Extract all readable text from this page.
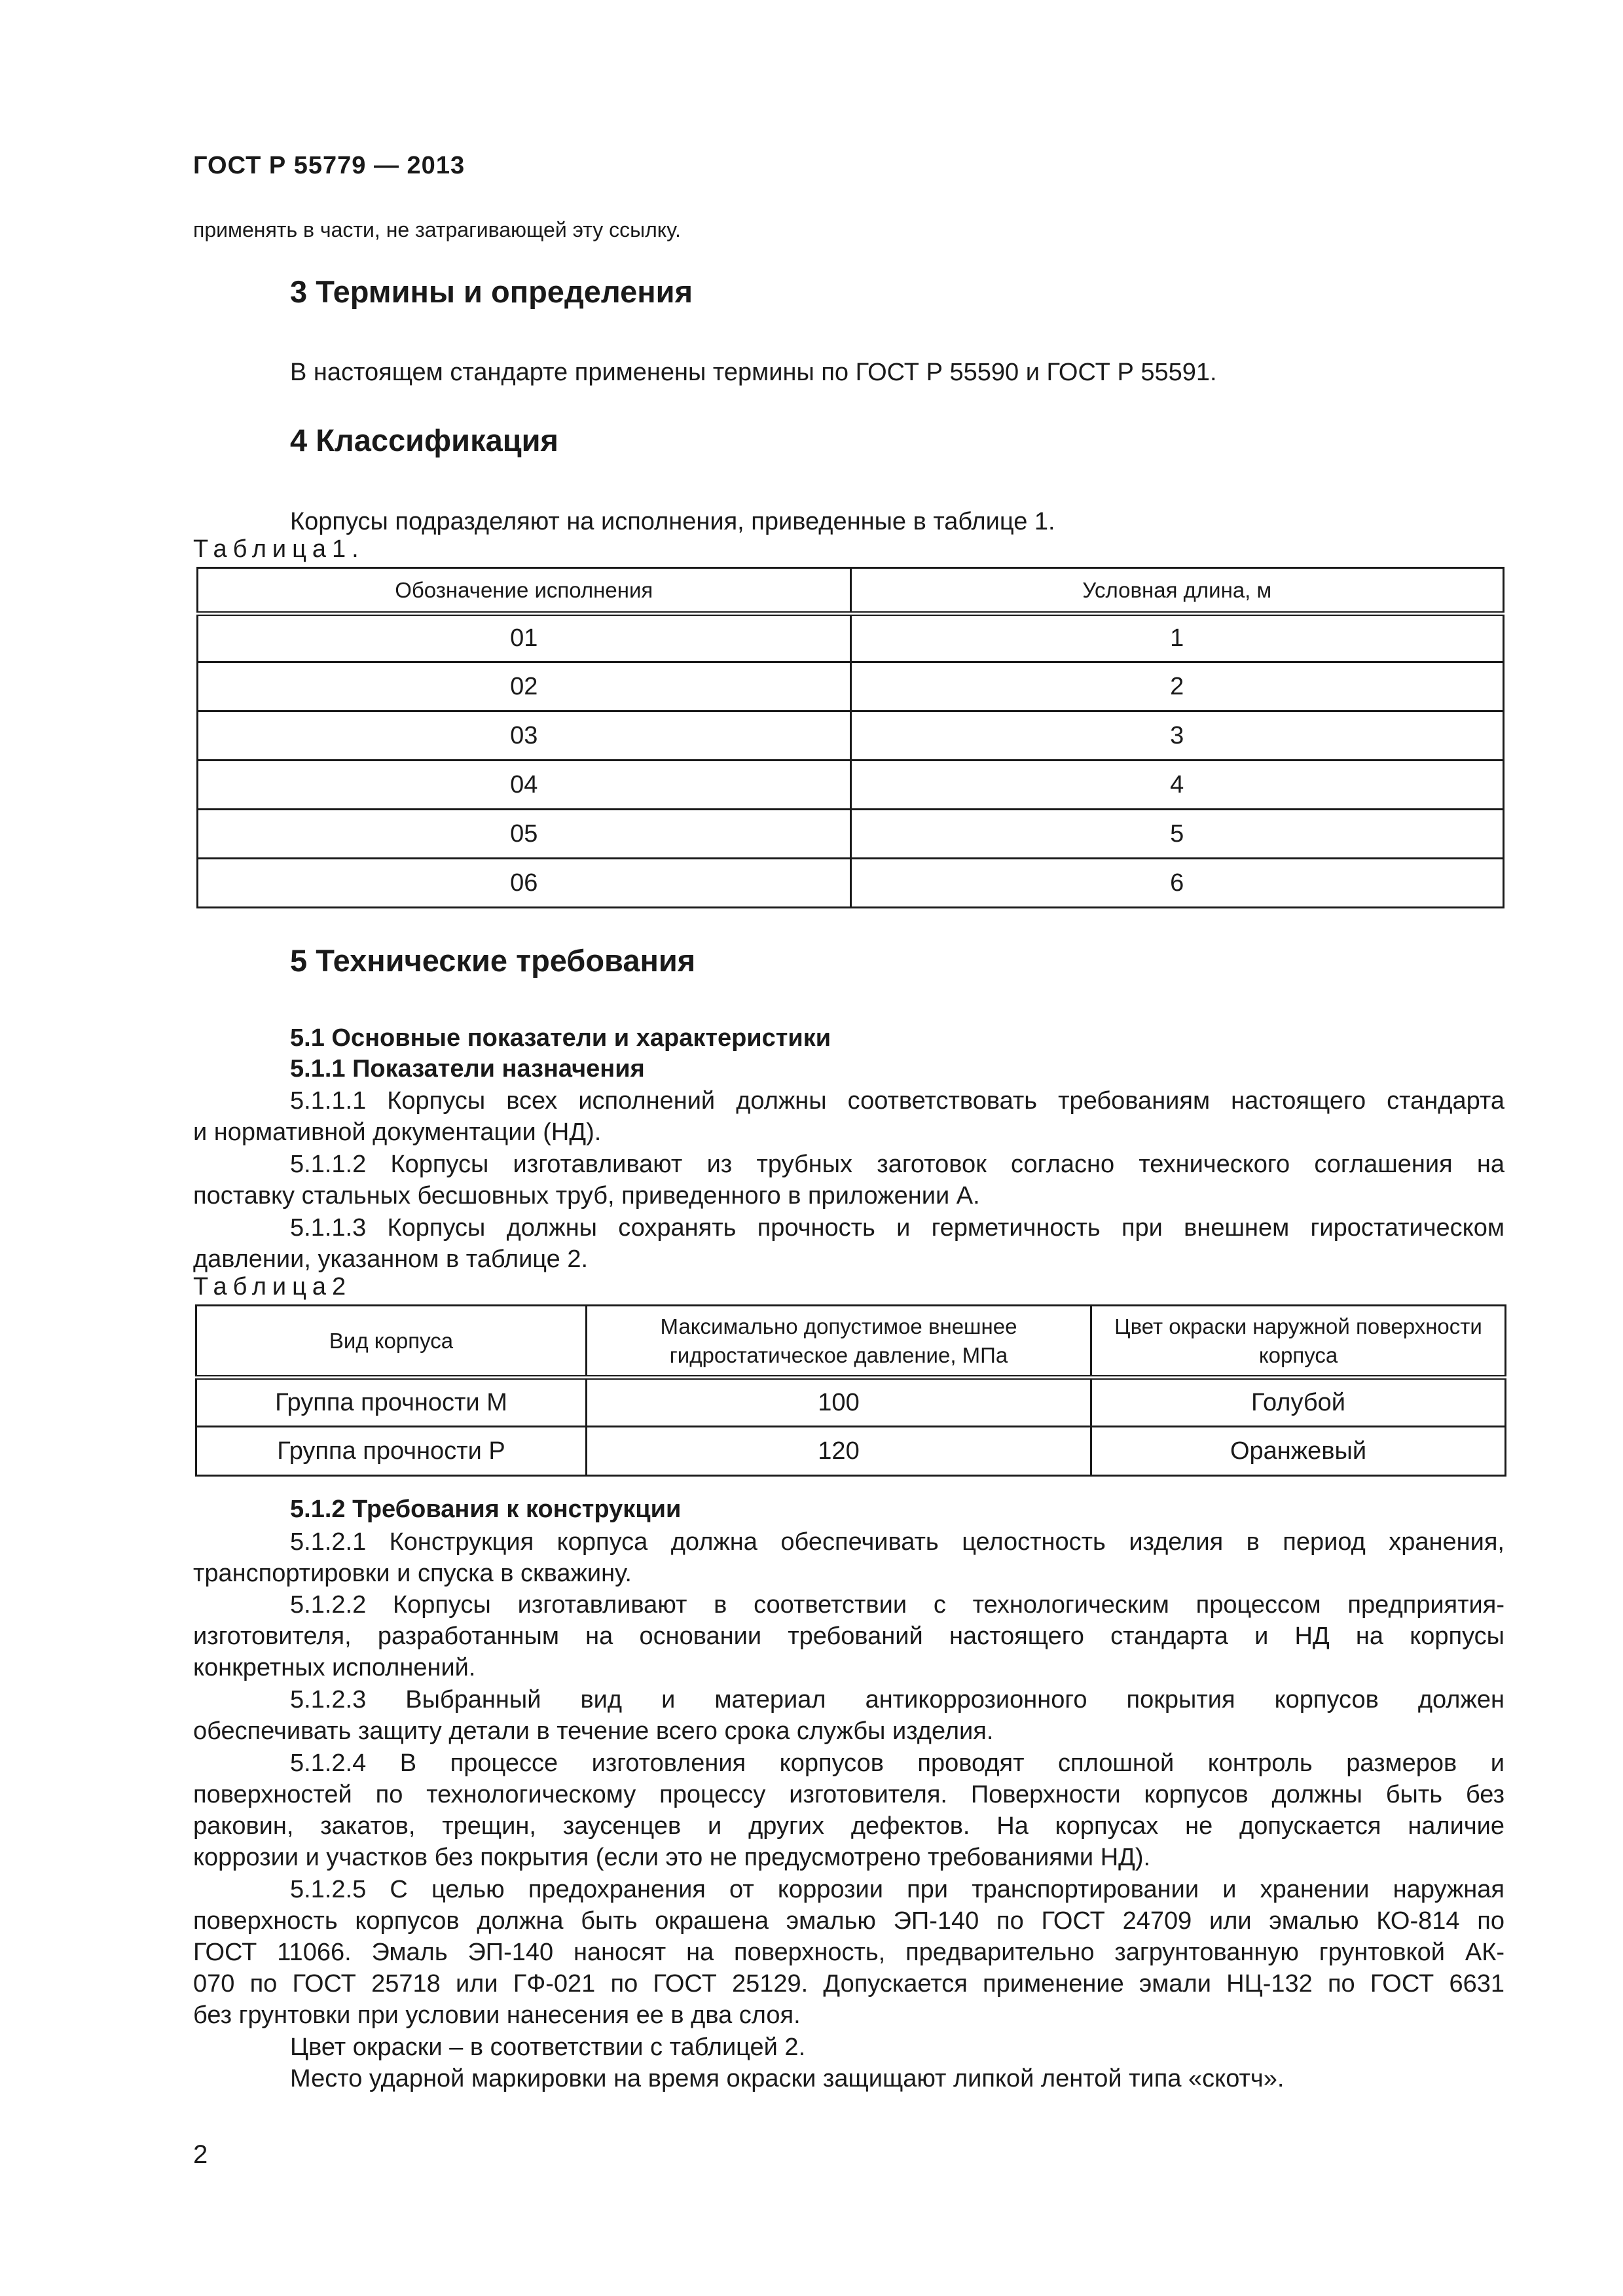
ГОСТ Р 55779 — 2013
применять в части, не затрагивающей эту ссылку.
3 Термины и определения
В настоящем стандарте применены термины по ГОСТ Р 55590 и ГОСТ Р 55591.
4 Классификация
Корпусы подразделяют на исполнения, приведенные в таблице 1.
Таблица1.
Обозначение исполнения	Условная длина, м
01	1
02	2
03	3
04	4
05	5
06	6
5 Технические требования
5.1 Основные показатели и характеристики
5.1.1 Показатели назначения
5.1.1.1 Корпусы всех исполнений должны соответствовать требованиям настоящего стандарта
и нормативной документации (НД).
5.1.1.2 Корпусы изготавливают из трубных заготовок согласно технического соглашения на
поставку стальных бесшовных труб, приведенного в приложении А.
5.1.1.3 Корпусы должны сохранять прочность и герметичность при внешнем гиростатическом
давлении, указанном в таблице 2.
Таблица2
Вид корпуса	Максимально допустимое внешнее гидростатическое давление, МПа	Цвет окраски наружной поверхности корпуса
Группа прочности М	100	Голубой
Группа прочности Р	120	Оранжевый
5.1.2 Требования к конструкции
5.1.2.1 Конструкция корпуса должна обеспечивать целостность изделия в период хранения,
транспортировки и спуска в скважину.
5.1.2.2 Корпусы изготавливают в соответствии с технологическим процессом предприятия-
изготовителя, разработанным на основании требований настоящего стандарта и НД на корпусы
конкретных исполнений.
5.1.2.3 Выбранный вид и материал антикоррозионного покрытия корпусов должен
обеспечивать защиту детали в течение всего срока службы изделия.
5.1.2.4 В процессе изготовления корпусов проводят сплошной контроль размеров и
поверхностей по технологическому процессу изготовителя. Поверхности корпусов должны быть без
раковин, закатов, трещин, заусенцев и других дефектов. На корпусах не допускается наличие
коррозии и участков без покрытия (если это не предусмотрено требованиями НД).
5.1.2.5 С целью предохранения от коррозии при транспортировании и хранении наружная
поверхность корпусов должна быть окрашена эмалью ЭП-140 по ГОСТ 24709 или эмалью КО-814 по
ГОСТ 11066. Эмаль ЭП-140 наносят на поверхность, предварительно загрунтованную грунтовкой АК-
070 по ГОСТ 25718 или ГФ-021 по ГОСТ 25129. Допускается применение эмали НЦ-132 по ГОСТ 6631
без грунтовки при условии нанесения ее в два слоя.
Цвет окраски – в соответствии с таблицей 2.
Место ударной маркировки на время окраски защищают липкой лентой типа «скотч».
2
